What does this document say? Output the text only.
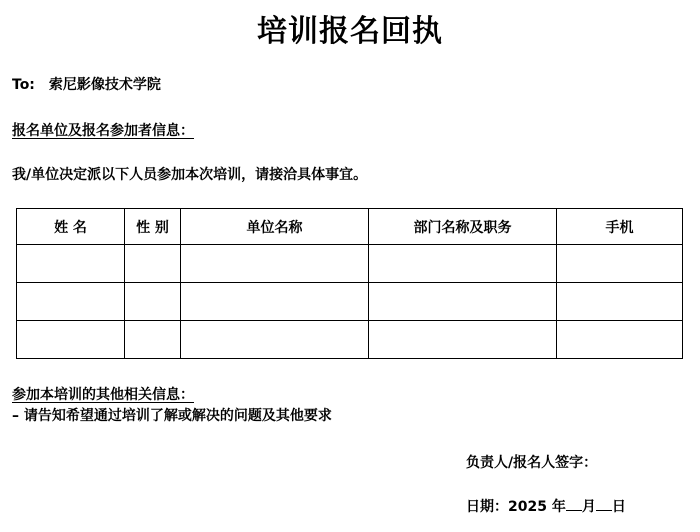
培训报名回执
To: 索尼影像技术学院
报名单位及报名参加者信息：
我/单位决定派以下人员参加本次培训，请接洽具体事宜。
姓 名	性 别	单位名称	部门名称及职务	手机

参加本培训的其他相关信息：
– 请告知希望通过培训了解或解决的问题及其他要求
负责人/报名人签字：
日期：2025 年 月 日
